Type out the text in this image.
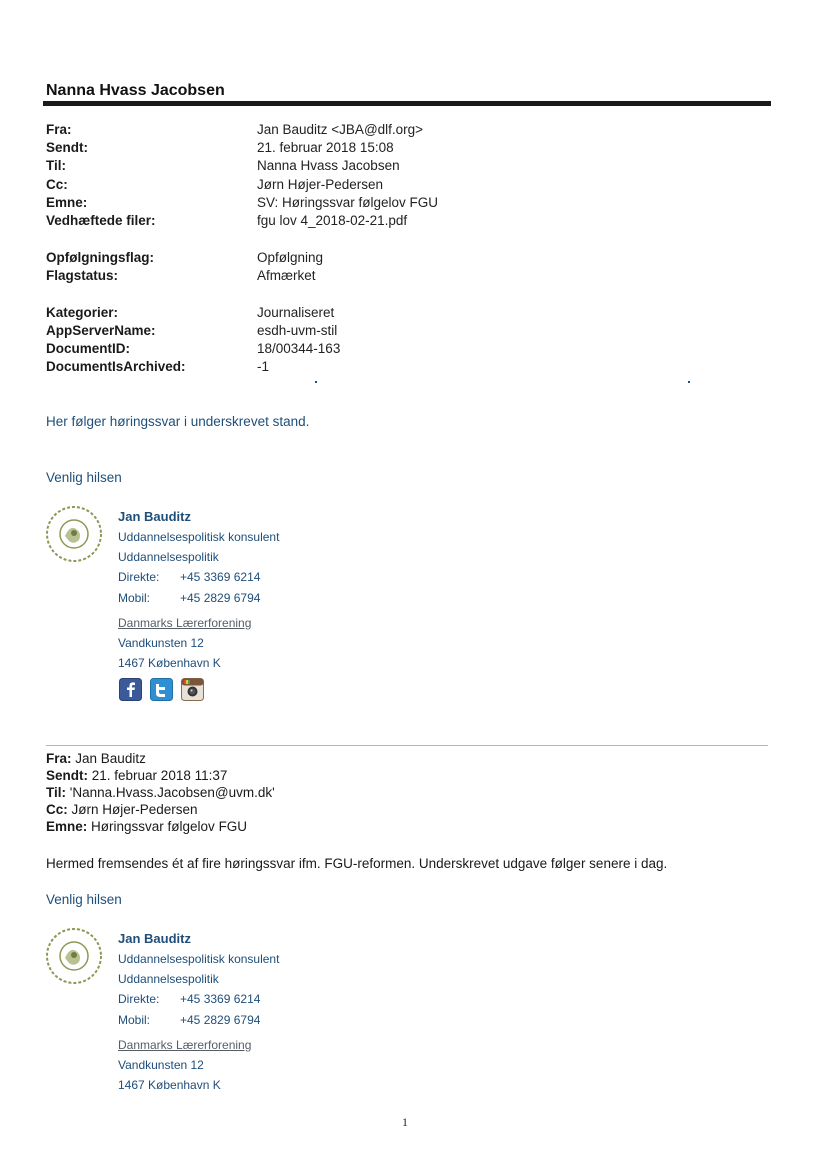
Nanna Hvass Jacobsen
Fra:	Jan Bauditz <JBA@dlf.org>
Sendt:	21. februar 2018 15:08
Til:	Nanna Hvass Jacobsen
Cc:	Jørn Højer-Pedersen
Emne:	SV: Høringssvar følgelov FGU
Vedhæftede filer:	fgu lov 4_2018-02-21.pdf
Opfølgningsflag:	Opfølgning
Flagstatus:	Afmærket
Kategorier:	Journaliseret
AppServerName:	esdh-uvm-stil
DocumentID:	18/00344-163
DocumentIsArchived:	-1
Her følger høringssvar i underskrevet stand.
Venlig hilsen
Jan Bauditz
Uddannelsespolitisk konsulent
Uddannelsespolitik
Direkte: +45 3369 6214
Mobil: +45 2829 6794
Danmarks Lærerforening
Vandkunsten 12
1467 København K
Fra: Jan Bauditz
Sendt: 21. februar 2018 11:37
Til: 'Nanna.Hvass.Jacobsen@uvm.dk'
Cc: Jørn Højer-Pedersen
Emne: Høringssvar følgelov FGU
Hermed fremsendes ét af fire høringssvar ifm. FGU-reformen. Underskrevet udgave følger senere i dag.
Venlig hilsen
Jan Bauditz
Uddannelsespolitisk konsulent
Uddannelsespolitik
Direkte: +45 3369 6214
Mobil: +45 2829 6794
Danmarks Lærerforening
Vandkunsten 12
1467 København K
1
